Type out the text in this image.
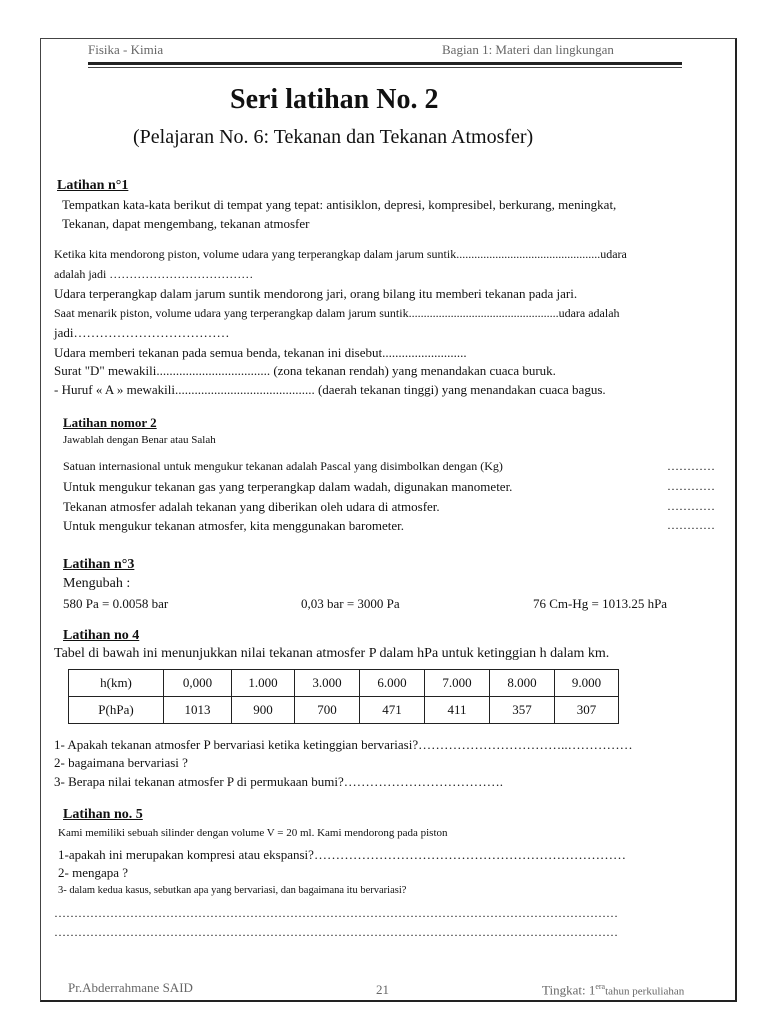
Fisika - Kimia	Bagian 1: Materi dan lingkungan
Seri latihan No. 2
(Pelajaran No. 6: Tekanan dan Tekanan Atmosfer)
Latihan n°1
Tempatkan kata-kata berikut di tempat yang tepat: antisiklon, depresi, kompresibel, berkurang, meningkat,
Tekanan, dapat mengembang, tekanan atmosfer
Ketika kita mendorong piston, volume udara yang terperangkap dalam jarum suntik................................................udara
adalah jadi ………………………………
Udara terperangkap dalam jarum suntik mendorong jari, orang bilang itu memberi tekanan pada jari.
Saat menarik piston, volume udara yang terperangkap dalam jarum suntik..................................................udara adalah
jadi………………………………
Udara memberi tekanan pada semua benda, tekanan ini disebut..........................
Surat "D" mewakili................................... (zona tekanan rendah) yang menandakan cuaca buruk.
- Huruf « A » mewakili........................................... (daerah tekanan tinggi) yang menandakan cuaca bagus.
Latihan nomor 2
Jawablah dengan Benar atau Salah
Satuan internasional untuk mengukur tekanan adalah Pascal yang disimbolkan dengan (Kg)	…………
Untuk mengukur tekanan gas yang terperangkap dalam wadah, digunakan manometer.	…………
Tekanan atmosfer adalah tekanan yang diberikan oleh udara di atmosfer.	…………
Untuk mengukur tekanan atmosfer, kita menggunakan barometer.	…………
Latihan n°3
Mengubah :
580 Pa = 0.0058 bar	0,03 bar = 3000 Pa	76 Cm-Hg = 1013.25 hPa
Latihan no 4
Tabel di bawah ini menunjukkan nilai tekanan atmosfer P dalam hPa untuk ketinggian h dalam km.
h(km)	0,000	1.000	3.000	6.000	7.000	8.000	9.000
P(hPa)	1013	900	700	471	411	357	307
1- Apakah tekanan atmosfer P bervariasi ketika ketinggian bervariasi?……………………………..……………
2- bagaimana bervariasi ?
3- Berapa nilai tekanan atmosfer P di permukaan bumi?……………………………….
Latihan no. 5
Kami memiliki sebuah silinder dengan volume V = 20 ml. Kami mendorong pada piston
1-apakah ini merupakan kompresi atau ekspansi?………………………………………………………………
2- mengapa ?
3- dalam kedua kasus, sebutkan apa yang bervariasi, dan bagaimana itu bervariasi?
……………………………………………………………………………………………………………………………
……………………………………………………………………………………………………………………………
Pr.Abderrahmane SAID	21	Tingkat: $1^{era}tahun$ perkuliahan
